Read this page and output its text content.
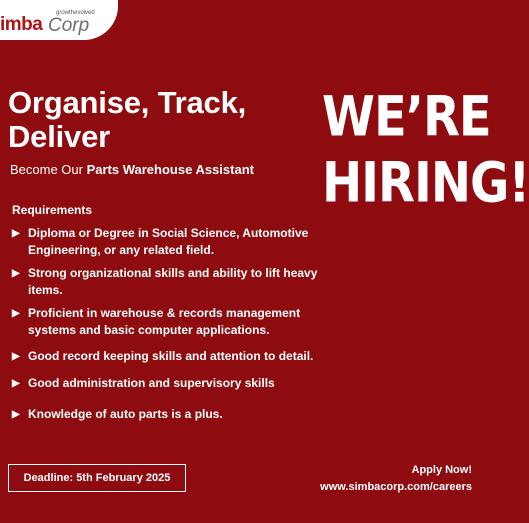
imba
growthevolved
Corp
Organise, Track,
Deliver
Become Our Parts Warehouse Assistant
WE’RE
HIRING!
Requirements
▶ Diploma or Degree in Social Science, Automotive Engineering, or any related field.
▶ Strong organizational skills and ability to lift heavy items.
▶ Proficient in warehouse & records management systems and basic computer applications.
▶ Good record keeping skills and attention to detail.
▶ Good administration and supervisory skills
▶ Knowledge of auto parts is a plus.
Deadline: 5th February 2025
Apply Now!
www.simbacorp.com/careers
